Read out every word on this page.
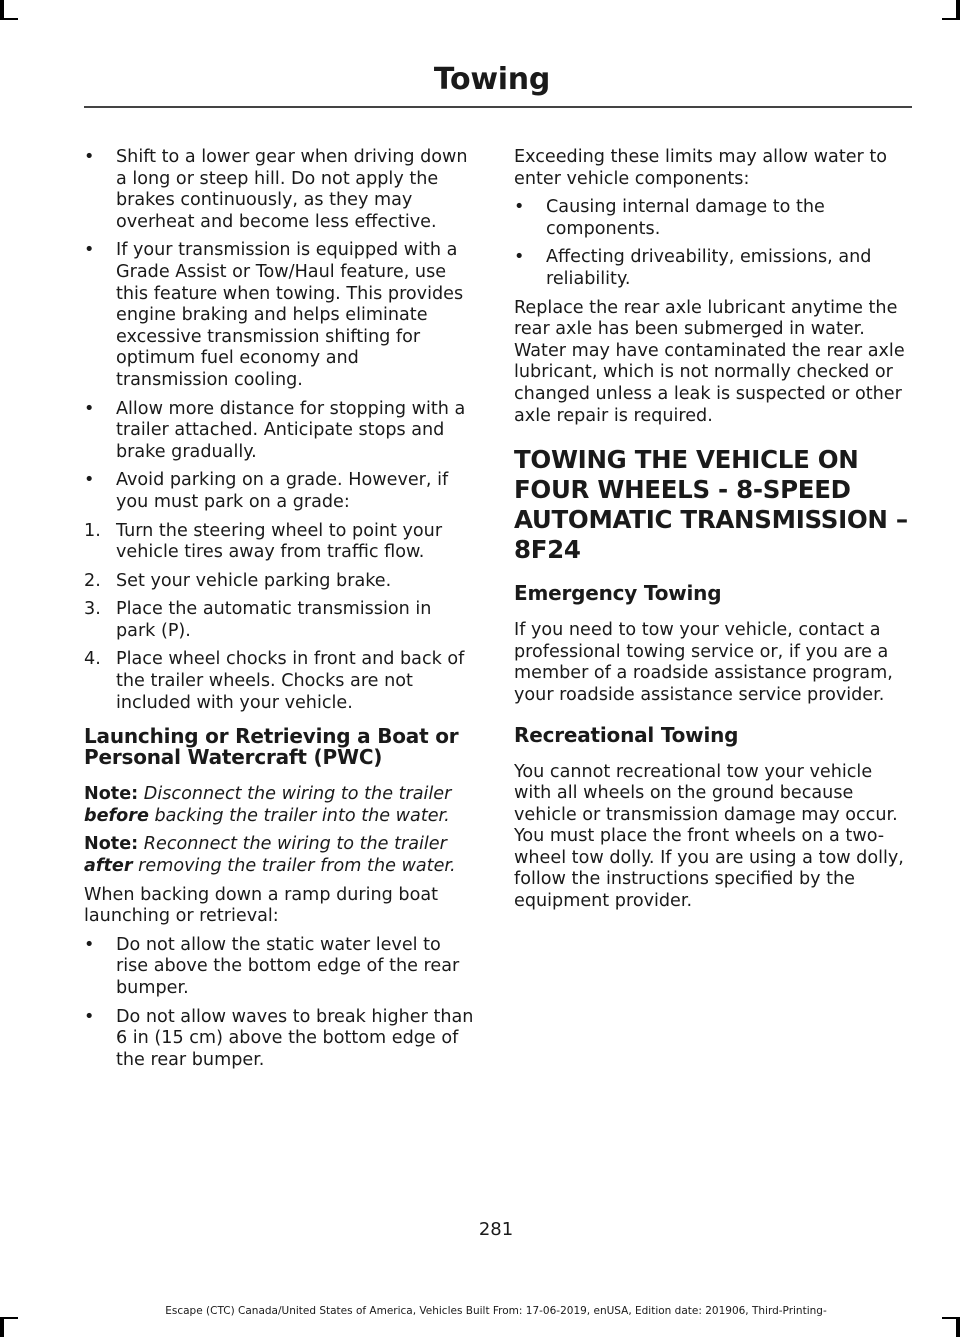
Towing
•	Shift to a lower gear when driving down a long or steep hill. Do not apply the brakes continuously, as they may overheat and become less effective.
•	If your transmission is equipped with a Grade Assist or Tow/Haul feature, use this feature when towing. This provides engine braking and helps eliminate excessive transmission shifting for optimum fuel economy and transmission cooling.
•	Allow more distance for stopping with a trailer attached. Anticipate stops and brake gradually.
•	Avoid parking on a grade. However, if you must park on a grade:
1. Turn the steering wheel to point your vehicle tires away from traffic flow.
2. Set your vehicle parking brake.
3. Place the automatic transmission in park (P).
4. Place wheel chocks in front and back of the trailer wheels. Chocks are not included with your vehicle.
Launching or Retrieving a Boat or Personal Watercraft (PWC)

Note: Disconnect the wiring to the trailer before backing the trailer into the water.

Note: Reconnect the wiring to the trailer after removing the trailer from the water.

When backing down a ramp during boat launching or retrieval:

•	Do not allow the static water level to rise above the bottom edge of the rear bumper.
•	Do not allow waves to break higher than 6 in (15 cm) above the bottom edge of the rear bumper.

Exceeding these limits may allow water to enter vehicle components:

•	Causing internal damage to the components.
•	Affecting driveability, emissions, and reliability.

Replace the rear axle lubricant anytime the rear axle has been submerged in water. Water may have contaminated the rear axle lubricant, which is not normally checked or changed unless a leak is suspected or other axle repair is required.

TOWING THE VEHICLE ON FOUR WHEELS - 8-SPEED AUTOMATIC TRANSMISSION – 8F24
Emergency Towing

If you need to tow your vehicle, contact a professional towing service or, if you are a member of a roadside assistance program, your roadside assistance service provider.

Recreational Towing

You cannot recreational tow your vehicle with all wheels on the ground because vehicle or transmission damage may occur. You must place the front wheels on a two-wheel tow dolly. If you are using a tow dolly, follow the instructions specified by the equipment provider.

281
Escape (CTC) Canada/United States of America, Vehicles Built From: 17-06-2019, enUSA, Edition date: 201906, Third-Printing-
